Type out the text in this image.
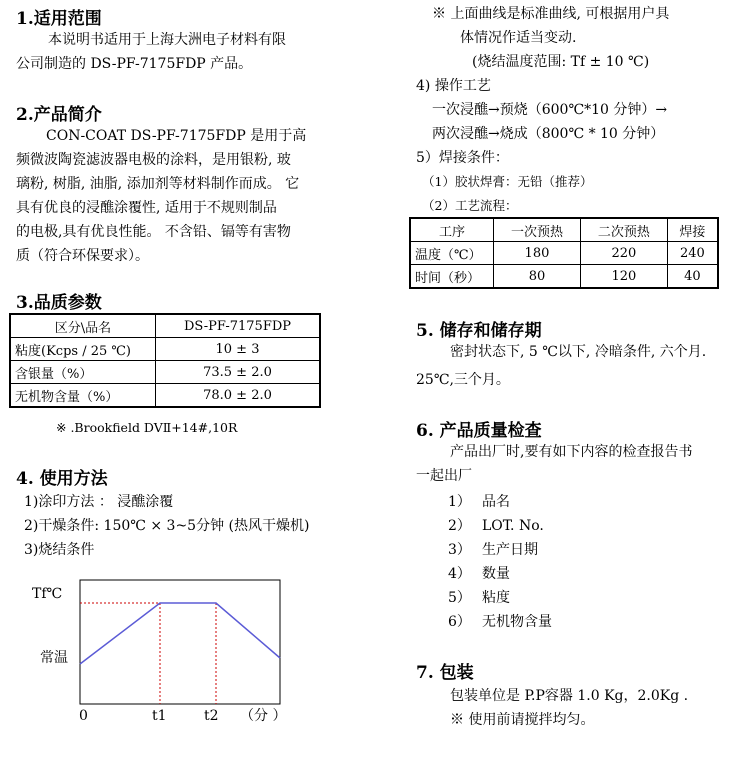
1.适用范围
本说明书适用于上海大洲电子材料有限
公司制造的 DS-PF-7175FDP 产品。
2.产品简介
CON-COAT DS-PF-7175FDP 是用于高
频微波陶瓷滤波器电极的涂料，是用银粉, 玻
璃粉, 树脂, 油脂, 添加剂等材料制作而成。 它
具有优良的浸醮涂覆性, 适用于不规则制品
的电极,具有优良性能。 不含铅、镉等有害物
质（符合环保要求）。
3.品质参数
区分\品名	DS-PF-7175FDP
粘度(Kcps / 25 ℃)	10 ± 3
含银量（%）	73.5 ± 2.0
无机物含量（%）	78.0 ± 2.0
※ .Brookfield DVⅡ+14#,10R
4. 使用方法
1)涂印方法 ： 浸醮涂覆
2)干燥条件: 150℃ × 3~5分钟 (热风干燥机)
3)烧结条件
Tf℃
常温
0	t1	t2 （分 ）
※ 上面曲线是标准曲线, 可根据用户具
体情况作适当变动.
(烧结温度范围: Tf ± 10 ℃)
4) 操作工艺
一次浸醮→预烧（600℃*10 分钟）→
两次浸醮→烧成（800℃ * 10 分钟）
5）焊接条件：
（1）胶状焊膏：无铅（推荐）
（2）工艺流程：
工序	一次预热	二次预热	焊接
温度（℃）	180	220	240
时间（秒）	80	120	40
5. 储存和储存期
密封状态下, 5 ℃以下, 冷暗条件, 六个月.
25℃,三个月。
6. 产品质量检查
产品出厂时,要有如下内容的检查报告书
一起出厂
1） 品名
2） LOT. No.
3） 生产日期
4） 数量
5） 粘度
6） 无机物含量
7. 包装
包装单位是 P.P容器 1.0 Kg，2.0Kg .
※ 使用前请搅拌均匀。
